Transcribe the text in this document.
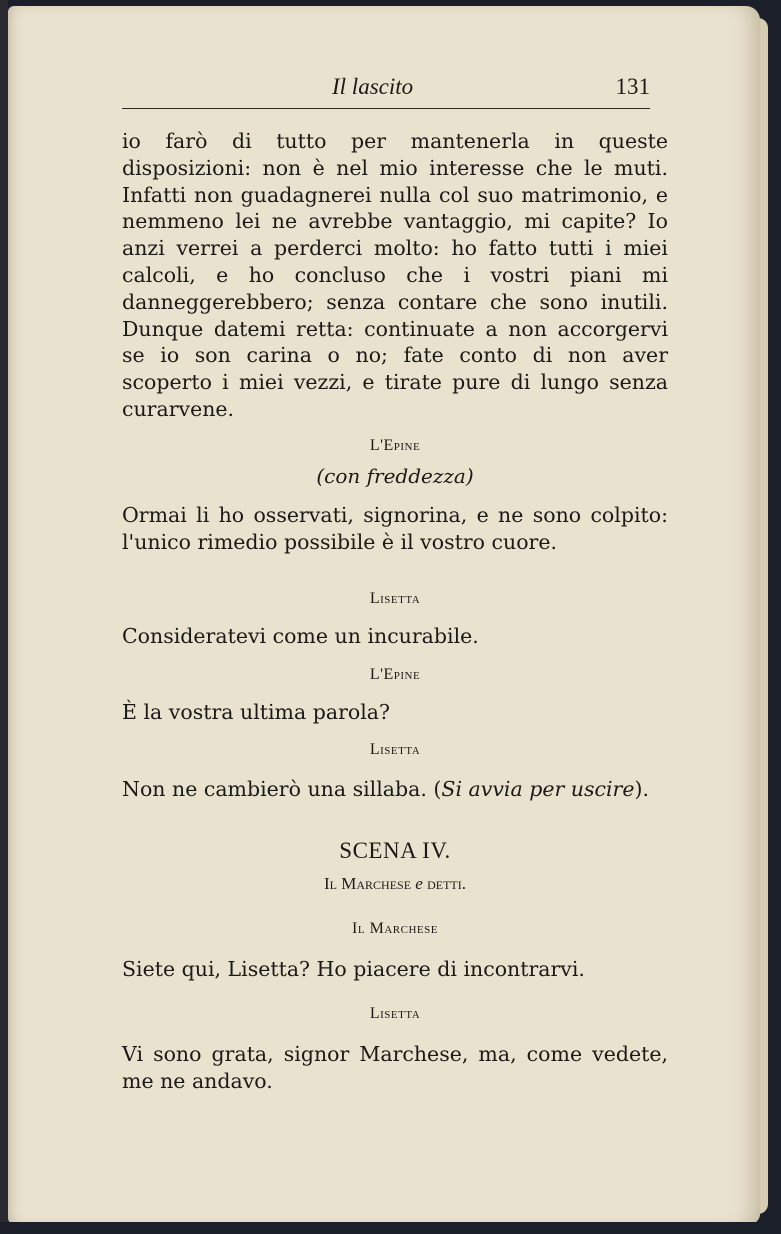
Il lascito	131

io farò di tutto per mantenerla in queste disposizioni: non è nel mio interesse che le muti. Infatti non guadagnerei nulla col suo matrimonio, e nemmeno lei ne avrebbe vantaggio, mi capite? Io anzi verrei a perderci molto: ho fatto tutti i miei calcoli, e ho concluso che i vostri piani mi danneggerebbero; senza contare che sono inutili. Dunque datemi retta: continuate a non accorgervi se io son carina o no; fate conto di non aver scoperto i miei vezzi, e tirate pure di lungo senza curarvene.

L'Epine

(con freddezza)

Ormai li ho osservati, signorina, e ne sono colpito: l'unico rimedio possibile è il vostro cuore.

Lisetta

Consideratevi come un incurabile.

L'Epine

È la vostra ultima parola?

Lisetta

Non ne cambierò una sillaba. (Si avvia per uscire).

SCENA IV.

Il Marchese e detti.

Il Marchese

Siete qui, Lisetta? Ho piacere di incontrarvi.

Lisetta

Vi sono grata, signor Marchese, ma, come vedete, me ne andavo.
